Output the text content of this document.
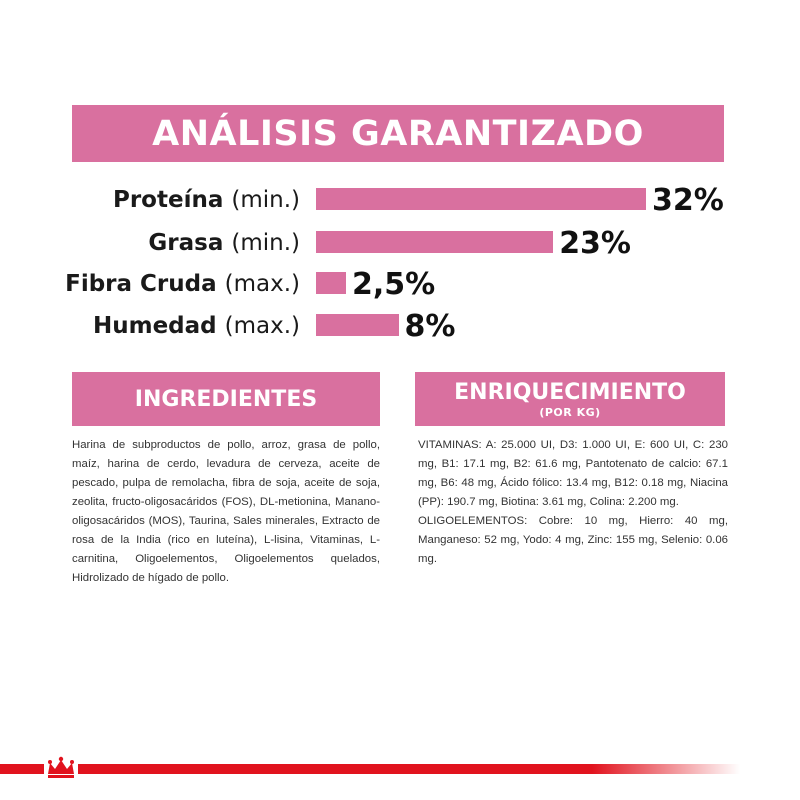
ANÁLISIS GARANTIZADO
Proteína (min.)	32%
Grasa (min.)	23%
Fibra Cruda (max.) 2,5%
Humedad (max.)	8%
INGREDIENTES
Harina de subproductos de pollo, arroz, grasa de pollo, maíz, harina de cerdo, levadura de cerveza, aceite de pescado, pulpa de remolacha, fibra de soja, aceite de soja, zeolita, fructo-oligosacáridos (FOS), DL-metionina, Manano-oligosacáridos (MOS), Taurina, Sales minerales, Extracto de rosa de la India (rico en luteína), L-lisina, Vitaminas, L-carnitina, Oligoelementos, Oligoelementos quelados, Hidrolizado de hígado de pollo.
ENRIQUECIMIENTO
(POR KG)

VITAMINAS: A: 25.000 UI, D3: 1.000 UI, E: 600 UI, C: 230 mg, B1: 17.1 mg, B2: 61.6 mg, Pantotenato de calcio: 67.1 mg, B6: 48 mg, Ácido fólico: 13.4 mg, B12: 0.18 mg, Niacina (PP): 190.7 mg, Biotina: 3.61 mg, Colina: 2.200 mg.

OLIGOELEMENTOS: Cobre: 10 mg, Hierro: 40 mg, Manganeso: 52 mg, Yodo: 4 mg, Zinc: 155 mg, Selenio: 0.06 mg.
